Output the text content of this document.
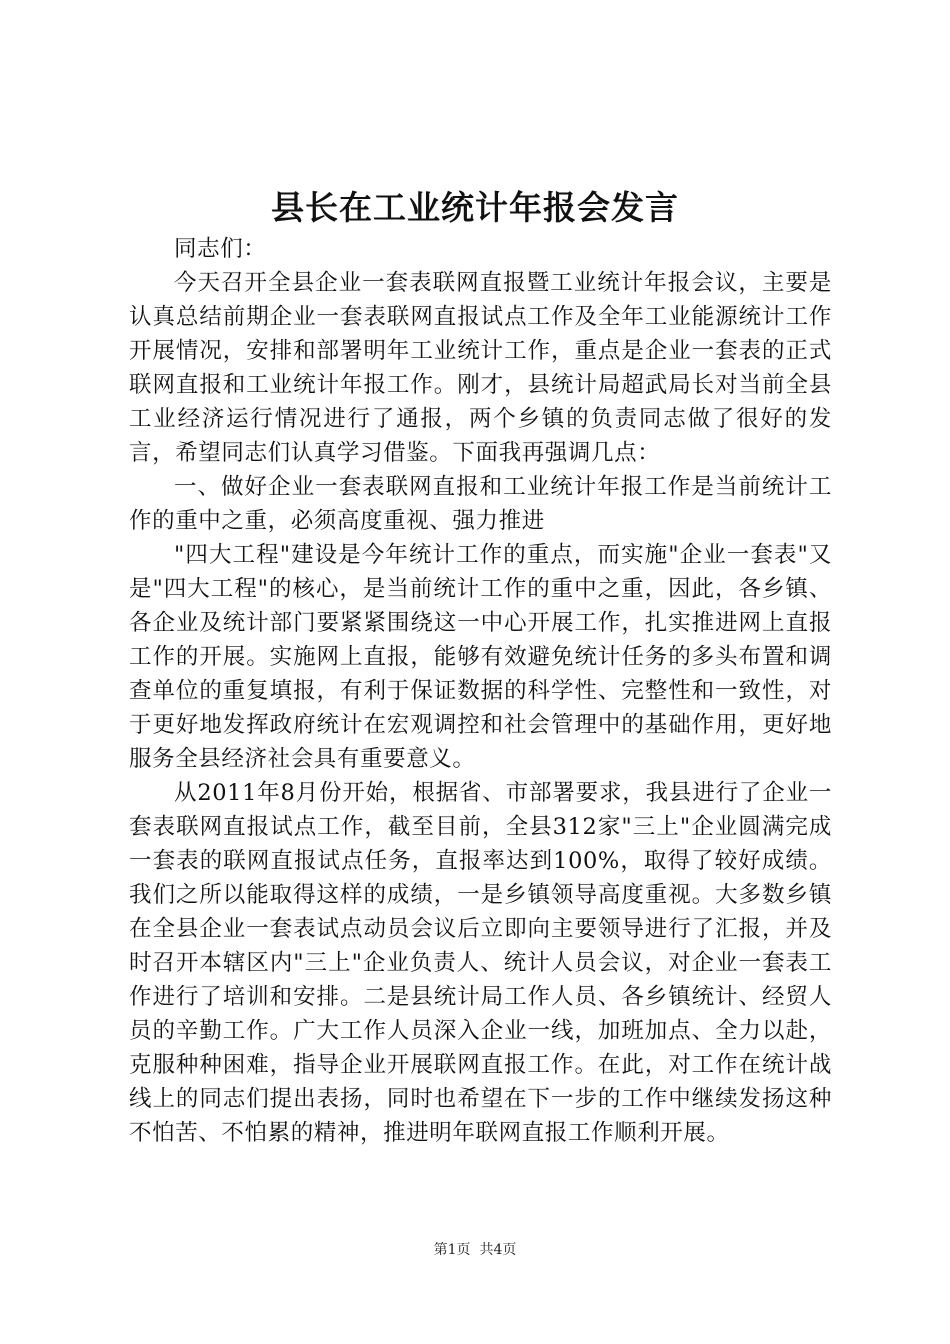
县长在工业统计年报会发言

同志们：

今天召开全县企业一套表联网直报暨工业统计年报会议，主要是认真总结前期企业一套表联网直报试点工作及全年工业能源统计工作开展情况，安排和部署明年工业统计工作，重点是企业一套表的正式联网直报和工业统计年报工作。刚才，县统计局超武局长对当前全县工业经济运行情况进行了通报，两个乡镇的负责同志做了很好的发言，希望同志们认真学习借鉴。下面我再强调几点：

一、做好企业一套表联网直报和工业统计年报工作是当前统计工作的重中之重，必须高度重视、强力推进

"四大工程"建设是今年统计工作的重点，而实施"企业一套表"又是"四大工程"的核心，是当前统计工作的重中之重，因此，各乡镇、各企业及统计部门要紧紧围绕这一中心开展工作，扎实推进网上直报工作的开展。实施网上直报，能够有效避免统计任务的多头布置和调查单位的重复填报，有利于保证数据的科学性、完整性和一致性，对于更好地发挥政府统计在宏观调控和社会管理中的基础作用，更好地服务全县经济社会具有重要意义。

从2011年8月份开始，根据省、市部署要求，我县进行了企业一套表联网直报试点工作，截至目前，全县312家"三上"企业圆满完成一套表的联网直报试点任务，直报率达到100%，取得了较好成绩。我们之所以能取得这样的成绩，一是乡镇领导高度重视。大多数乡镇在全县企业一套表试点动员会议后立即向主要领导进行了汇报，并及时召开本辖区内"三上"企业负责人、统计人员会议，对企业一套表工作进行了培训和安排。二是县统计局工作人员、各乡镇统计、经贸人员的辛勤工作。广大工作人员深入企业一线，加班加点、全力以赴，克服种种困难，指导企业开展联网直报工作。在此，对工作在统计战线上的同志们提出表扬，同时也希望在下一步的工作中继续发扬这种不怕苦、不怕累的精神，推进明年联网直报工作顺利开展。

第1页 共4页
